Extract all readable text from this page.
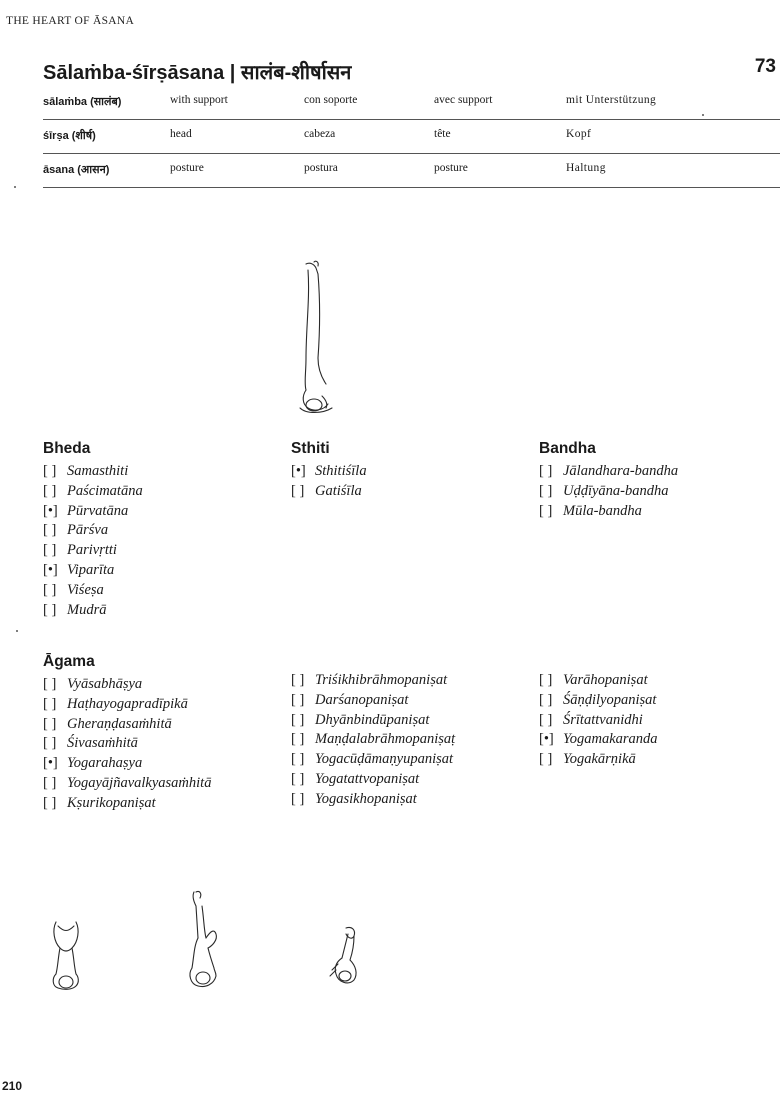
THE HEART OF ĀSANA
73
Sālaṁba-śīrṣāsana | सालंब-शीर्षासन
sālaṁba (सालंब)	with support	con soporte	avec support	mit Unterstützung
śīrṣa (शीर्ष)	head	cabeza	tête	Kopf
āsana (आसन)	posture	postura	posture	Haltung
Bheda
[ ] Samasthiti
[ ] Paścimatāna
[•] Pūrvatāna
[ ] Pārśva
[ ] Parivṛtti
[•] Viparīta
[ ] Viśeṣa
[ ] Mudrā
Sthiti
[•] Sthitiśīla
[ ] Gatiśīla
Bandha
[ ] Jālandhara-bandha
[ ] Uḍḍīyāna-bandha
[ ] Mūla-bandha
Āgama
[ ] Vyāsabhāṣya
[ ] Haṭhayogapradīpikā
[ ] Gheraṇḍasaṁhitā
[ ] Śivasaṁhitā
[•] Yogarahaṣya
[ ] Yogayājñavalkyasaṁhitā
[ ] Kṣurikopaniṣat
[ ] Triśikhibrāhmopaniṣat
[ ] Darśanopaniṣat
[ ] Dhyānbindūpaniṣat
[ ] Maṇḍalabrāhmopaniṣaṭ
[ ] Yogacūḍāmaṇyupaniṣat
[ ] Yogatattvopaniṣat
[ ] Yogasikhopaniṣat
[ ] Varāhopaniṣat
[ ] Śāṇḍilyopaniṣat
[ ] Śrītattvanidhi
[•] Yogamakaranda
[ ] Yogakārṇikā
210
